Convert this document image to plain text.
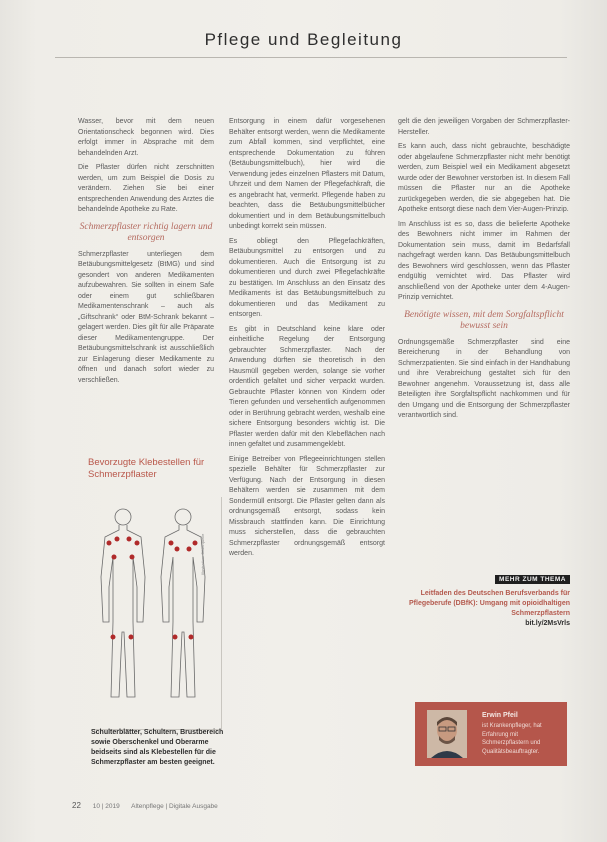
Pflege und Begleitung

Wasser, bevor mit dem neuen Orientationscheck begonnen wird. Dies erfolgt immer in Absprache mit dem behandelnden Arzt.

Die Pflaster dürfen nicht zerschnitten werden, um zum Beispiel die Dosis zu verändern. Ziehen Sie bei einer entsprechenden Anwendung des Arztes die behandelnde Apotheke zu Rate.

Schmerzpflaster richtig lagern und entsorgen

Schmerzpflaster unterliegen dem Betäubungsmittelgesetz (BtMG) und sind gesondert von anderen Medikamenten aufzubewahren. Sie sollten in einem Safe oder einem gut schließbaren Medikamentenschrank – auch als „Giftschrank“ oder BtM-Schrank bekannt – gelagert werden. Dies gilt für alle Präparate dieser Medikamentengruppe. Der Betäubungsmittelschrank ist ausschließlich zur Einlagerung dieser Medikamente zu öffnen und danach sofort wieder zu verschließen.

Bevorzugte Klebestellen für Schmerzpflaster
Illustration: Bilderquelle
Schulterblätter, Schultern, Brustbereich sowie Oberschenkel und Oberarme beidseits sind als Klebestellen für die Schmerzpflaster am besten geeignet.

Entsorgung in einem dafür vorgesehenen Behälter entsorgt werden, wenn die Medikamente zum Abfall kommen, sind verpflichtet, eine entsprechende Dokumentation zu führen (Betäubungsmittelbuch), hier wird die Verwendung jedes einzelnen Pflasters mit Datum, Uhrzeit und dem Namen der Pflegefachkraft, die es angebracht hat, vermerkt. Pflegende haben zu beachten, dass die Betäubungsmittelbücher dokumentiert und in dem Betäubungsmittelbuch unbedingt korrekt sein müssen.

Es obliegt den Pflegefachkräften, Betäubungsmittel zu entsorgen und zu dokumentieren. Auch die Entsorgung ist zu dokumentieren und durch zwei Pflegefachkräfte zu bestätigen. Im Anschluss an den Einsatz des Medikaments ist das Betäubungsmittelbuch zu dokumentieren und das Medikament zu entsorgen.

Es gibt in Deutschland keine klare oder einheitliche Regelung der Entsorgung gebrauchter Schmerzpflaster. Nach der Anwendung dürften sie theoretisch in den Hausmüll gegeben werden, solange sie vorher ordentlich gefaltet und sicher verpackt wurden. Gebrauchte Pflaster können von Kindern oder Tieren gefunden und versehentlich aufgenommen oder in Berührung gebracht werden, weshalb eine sichere Entsorgung besonders wichtig ist. Die Pflaster werden dafür mit den Klebeflächen nach innen gefaltet und zusammengeklebt.

Einige Betreiber von Pflegeeinrichtungen stellen spezielle Behälter für Schmerzpflaster zur Verfügung. Nach der Entsorgung in diesen Behältern werden sie zusammen mit dem Sondermüll entsorgt. Die Pflaster gelten dann als ordnungsgemäß entsorgt, sodass kein Missbrauch stattfinden kann. Die Einrichtung muss sicherstellen, dass die gebrauchten Schmerzpflaster ordnungsgemäß entsorgt werden.

gelt die den jeweiligen Vorgaben der Schmerzpflaster-Hersteller.

Es kann auch, dass nicht gebrauchte, beschädigte oder abgelaufene Schmerzpflaster nicht mehr benötigt werden, zum Beispiel weil ein Medikament abgesetzt wurde oder der Bewohner verstorben ist. In diesem Fall müssen die Pflaster nur an die Apotheke zurückgegeben werden, die sie abgegeben hat. Die Apotheke entsorgt diese nach dem Vier-Augen-Prinzip.

Im Anschluss ist es so, dass die belieferte Apotheke des Bewohners nicht immer im Rahmen der Dokumentation sein muss, damit im Bedarfsfall nachgefragt werden kann. Das Betäubungsmittelbuch des Bewohners wird geschlossen, wenn das Pflaster endgültig vernichtet wird. Das Pflaster wird anschließend von der Apotheke unter dem 4-Augen-Prinzip vernichtet.

Benötigte wissen, mit dem Sorgfaltspflicht bewusst sein

Ordnungsgemäße Schmerzpflaster sind eine Bereicherung in der Behandlung von Schmerzpatienten. Sie sind einfach in der Handhabung und ihre Verabreichung gestaltet sich für den Bewohner angenehm. Voraussetzung ist, dass alle Beteiligten ihre Sorgfaltspflicht nachkommen und für den Umgang und die Entsorgung der Schmerzpflaster verantwortlich sind.

MEHR ZUM THEMA
Leitfaden des Deutschen Berufsverbands für Pflegeberufe (DBfK): Umgang mit opioidhaltigen Schmerzpflastern
bit.ly/2MsVrls
Erwin Pfeil
ist Krankenpfleger, hat Erfahrung mit Schmerzpflastern und Qualitätsbeauftragter.
22 10 | 2019 Altenpflege | Digitale Ausgabe
